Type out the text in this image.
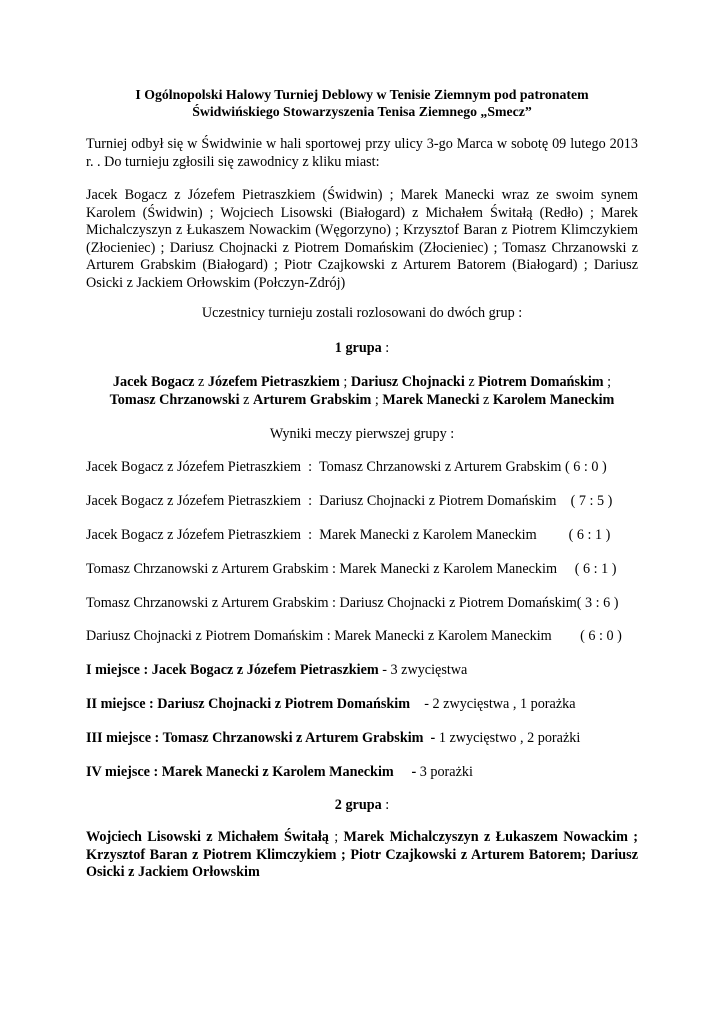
I Ogólnopolski Halowy Turniej Deblowy w Tenisie Ziemnym pod patronatem
Świdwińskiego Stowarzyszenia Tenisa Ziemnego „Smecz”
Turniej odbył się w Świdwinie w hali sportowej przy ulicy 3-go Marca w sobotę 09 lutego 2013 r. . Do turnieju zgłosili się zawodnicy z kliku miast:
Jacek Bogacz z Józefem Pietraszkiem (Świdwin) ; Marek Manecki wraz ze swoim synem Karolem (Świdwin) ; Wojciech Lisowski (Białogard) z Michałem Świtałą (Redło) ; Marek Michalczyszyn z Łukaszem Nowackim (Węgorzyno) ; Krzysztof Baran z Piotrem Klimczykiem (Złocieniec) ; Dariusz Chojnacki z Piotrem Domańskim (Złocieniec) ; Tomasz Chrzanowski z Arturem Grabskim (Białogard) ; Piotr Czajkowski z Arturem Batorem (Białogard) ; Dariusz Osicki z Jackiem Orłowskim (Połczyn-Zdrój)
Uczestnicy turnieju zostali rozlosowani do dwóch grup :
1 grupa :
Jacek Bogacz z Józefem Pietraszkiem ; Dariusz Chojnacki z Piotrem Domańskim ;
Tomasz Chrzanowski z Arturem Grabskim ; Marek Manecki z Karolem Maneckim
Wyniki meczy pierwszej grupy :
Jacek Bogacz z Józefem Pietraszkiem  :  Tomasz Chrzanowski z Arturem Grabskim ( 6 : 0 )
Jacek Bogacz z Józefem Pietraszkiem  :  Dariusz Chojnacki z Piotrem Domańskim    ( 7 : 5 )
Jacek Bogacz z Józefem Pietraszkiem  :  Marek Manecki z Karolem Maneckim         ( 6 : 1 )
Tomasz Chrzanowski z Arturem Grabskim : Marek Manecki z Karolem Maneckim     ( 6 : 1 )
Tomasz Chrzanowski z Arturem Grabskim : Dariusz Chojnacki z Piotrem Domańskim( 3 : 6 )
Dariusz Chojnacki z Piotrem Domańskim : Marek Manecki z Karolem Maneckim        ( 6 : 0 )
I miejsce : Jacek Bogacz z Józefem Pietraszkiem - 3 zwycięstwa
II miejsce : Dariusz Chojnacki z Piotrem Domańskim    - 2 zwycięstwa , 1 porażka
III miejsce : Tomasz Chrzanowski z Arturem Grabskim  - 1 zwycięstwo , 2 porażki
IV miejsce : Marek Manecki z Karolem Maneckim     - 3 porażki
2 grupa :
Wojciech Lisowski z Michałem Świtałą ; Marek Michalczyszyn z Łukaszem Nowackim ; Krzysztof Baran z Piotrem Klimczykiem ; Piotr Czajkowski z Arturem Batorem; Dariusz Osicki z Jackiem Orłowskim
